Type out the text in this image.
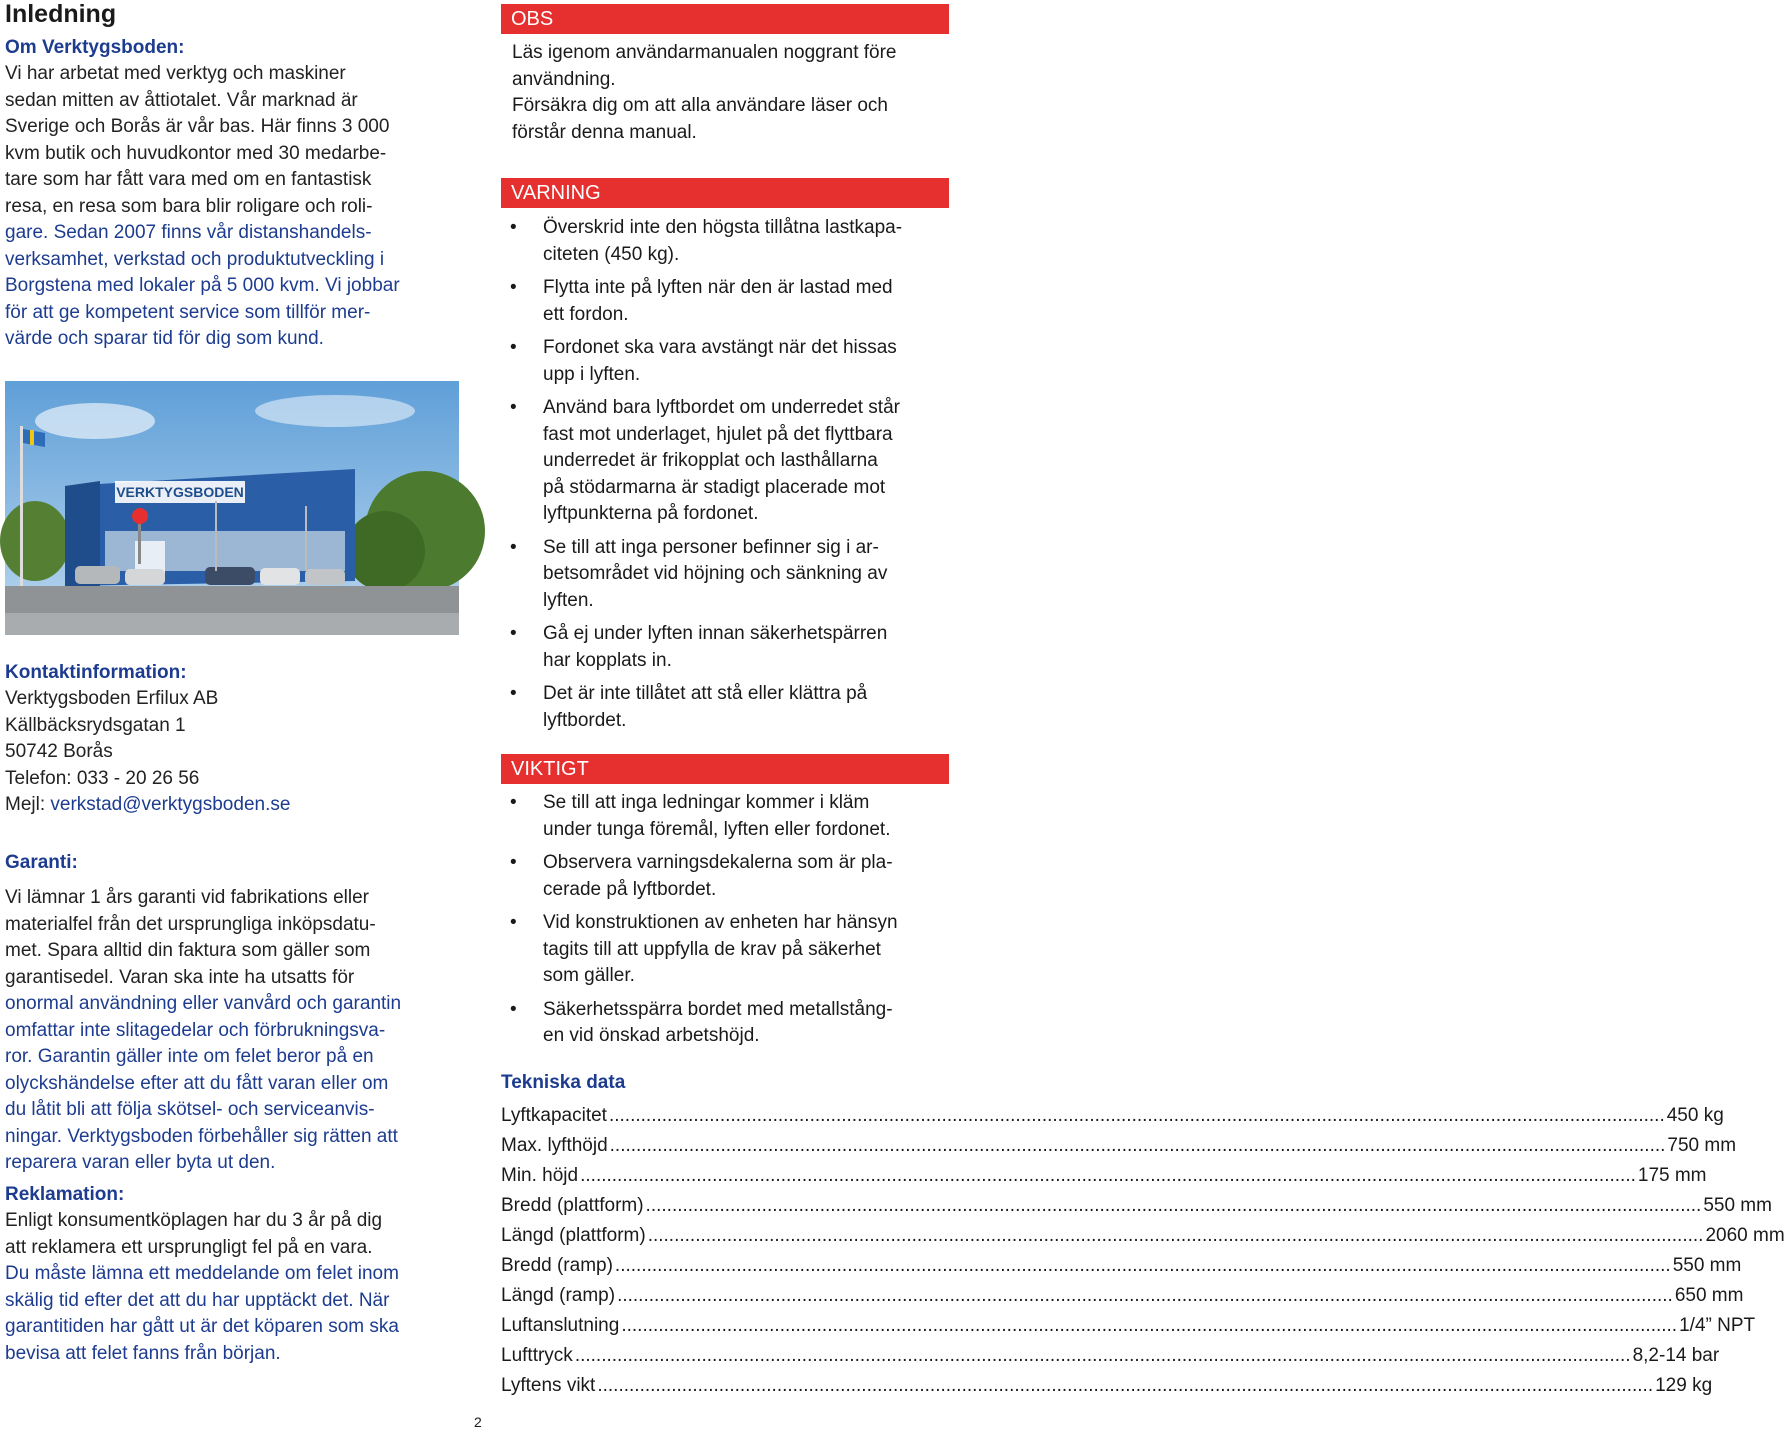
Inledning
Om Verktygsboden:
Vi har arbetat med verktyg och maskiner
sedan mitten av åttiotalet. Vår marknad är
Sverige och Borås är vår bas. Här finns 3 000
kvm butik och huvudkontor med 30 medarbe-
tare som har fått vara med om en fantastisk
resa, en resa som bara blir roligare och roli-
gare. Sedan 2007 finns vår distanshandels-
verksamhet, verkstad och produktutveckling i
Borgstena med lokaler på 5 000 kvm. Vi jobbar
för att ge kompetent service som tillför mer-
värde och sparar tid för dig som kund.
VERKTYGSBODEN
Kontaktinformation:
Verktygsboden Erfilux AB
Källbäcksrydsgatan 1
50742 Borås
Telefon: 033 - 20 26 56
Mejl: verkstad@verktygsboden.se
Garanti:
Vi lämnar 1 års garanti vid fabrikations eller
materialfel från det ursprungliga inköpsdatu-
met. Spara alltid din faktura som gäller som
garantisedel. Varan ska inte ha utsatts för
onormal användning eller vanvård och garantin
omfattar inte slitagedelar och förbrukningsva-
ror. Garantin gäller inte om felet beror på en
olyckshändelse efter att du fått varan eller om
du låtit bli att följa skötsel- och serviceanvis-
ningar. Verktygsboden förbehåller sig rätten att
reparera varan eller byta ut den.
Reklamation:
Enligt konsumentköplagen har du 3 år på dig
att reklamera ett ursprungligt fel på en vara.
Du måste lämna ett meddelande om felet inom
skälig tid efter det att du har upptäckt det. När
garantitiden har gått ut är det köparen som ska
bevisa att felet fanns från början.
OBS
Läs igenom användarmanualen noggrant före
användning.
Försäkra dig om att alla användare läser och
förstår denna manual.
VARNING
• Överskrid inte den högsta tillåtna lastkapa-
citeten (450 kg).
• Flytta inte på lyften när den är lastad med
ett fordon.
• Fordonet ska vara avstängt när det hissas
upp i lyften.
• Använd bara lyftbordet om underredet står
fast mot underlaget, hjulet på det flyttbara
underredet är frikopplat och lasthållarna
på stödarmarna är stadigt placerade mot
lyftpunkterna på fordonet.
• Se till att inga personer befinner sig i ar-
betsområdet vid höjning och sänkning av
lyften.
• Gå ej under lyften innan säkerhetspärren
har kopplats in.
• Det är inte tillåtet att stå eller klättra på
lyftbordet.
VIKTIGT
• Se till att inga ledningar kommer i kläm
under tunga föremål, lyften eller fordonet.
• Observera varningsdekalerna som är pla-
cerade på lyftbordet.
• Vid konstruktionen av enheten har hänsyn
tagits till att uppfylla de krav på säkerhet
som gäller.
• Säkerhetsspärra bordet med metallstång-
en vid önskad arbetshöjd.
Tekniska data
Lyftkapacitet ........................................................................................................................................................................................................ 450 kg
Max. lyfthöjd ........................................................................................................................................................................................................ 750 mm
Min. höjd ........................................................................................................................................................................................................ 175 mm
Bredd (plattform) ........................................................................................................................................................................................................ 550 mm
Längd (plattform) ........................................................................................................................................................................................................ 2060 mm
Bredd (ramp) ........................................................................................................................................................................................................ 550 mm
Längd (ramp) ........................................................................................................................................................................................................ 650 mm
Luftanslutning ........................................................................................................................................................................................................ 1/4” NPT
Lufttryck ........................................................................................................................................................................................................ 8,2-14 bar
Lyftens vikt ........................................................................................................................................................................................................ 129 kg
2
